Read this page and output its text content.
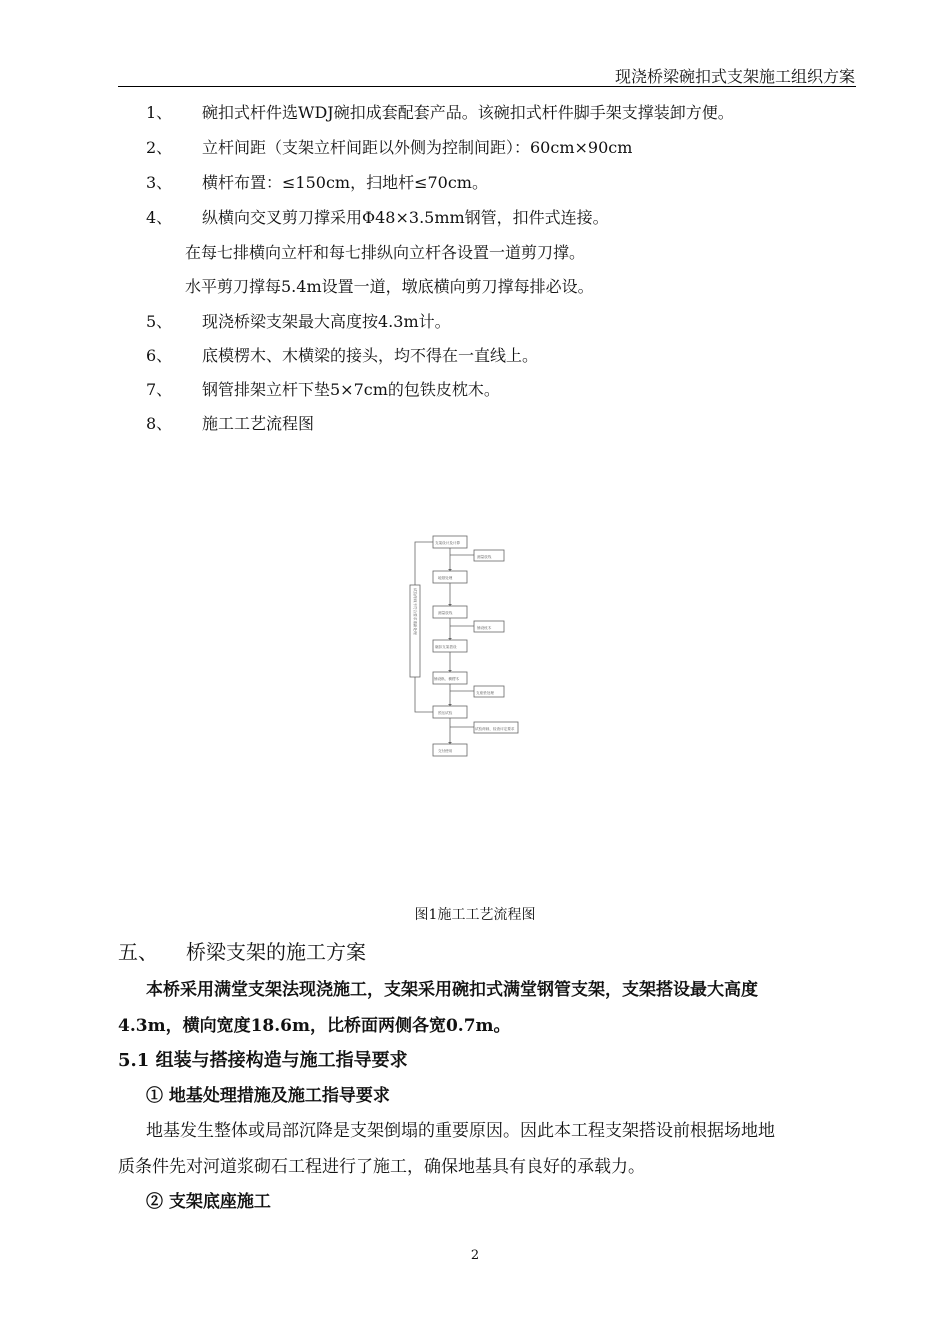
现浇桥梁碗扣式支架施工组织方案
1、 碗扣式杆件选WDJ碗扣成套配套产品。该碗扣式杆件脚手架支撑装卸方便。
2、 立杆间距（支架立杆间距以外侧为控制间距）：60cm×90cm
3、 横杆布置：≤150cm，扫地杆≤70cm。
4、 纵横向交叉剪刀撑采用Φ48×3.5mm钢管，扣件式连接。
在每七排横向立杆和每七排纵向立杆各设置一道剪刀撑。
水平剪刀撑每5.4m设置一道，墩底横向剪刀撑每排必设。
5、 现浇桥梁支架最大高度按4.3m计。
6、 底模楞木、木横梁的接头，均不得在一直线上。
7、 钢管排架立杆下垫5×7cm的包铁皮枕木。
8、 施工工艺流程图
支架设计及计算
地基处理
测量放线
碗扣支架搭设
铺设纵、横楞木
预压试验
交付使用
测量放线
铺设枕木
支座垫处理
试验荷载、检查评定要求
试验荷载不符合要求重新处理
图1施工工艺流程图
五、 桥梁支架的施工方案
本桥采用满堂支架法现浇施工，支架采用碗扣式满堂钢管支架，支架搭设最大高度
4.3m，横向宽度18.6m，比桥面两侧各宽0.7m。
5.1 组装与搭接构造与施工指导要求
① 地基处理措施及施工指导要求
地基发生整体或局部沉降是支架倒塌的重要原因。因此本工程支架搭设前根据场地地
质条件先对河道浆砌石工程进行了施工，确保地基具有良好的承载力。
② 支架底座施工
2
